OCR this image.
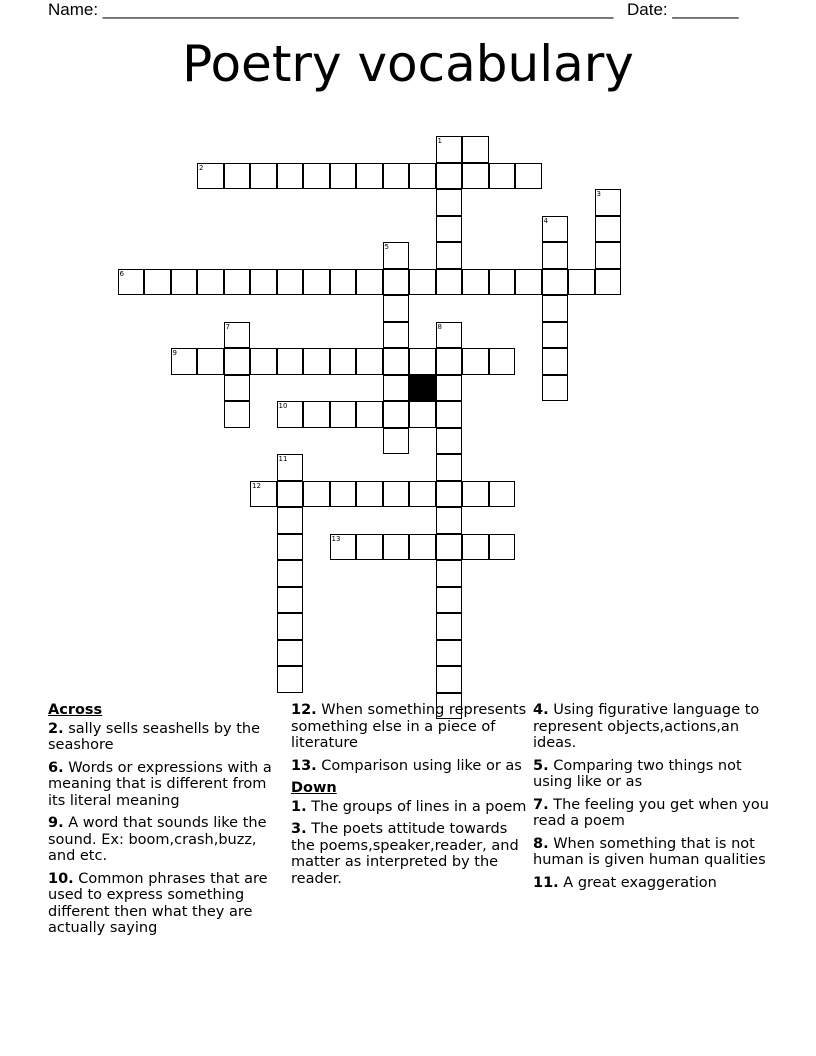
Name: ______________________________________________________ Date: _______
Poetry vocabulary
1
2
3
4
5
6
7	8
9
10
11
12
13
Across
2. sally sells seashells by the seashore
6. Words or expressions with a meaning that is different from its literal meaning
9. A word that sounds like the sound. Ex: boom,crash,buzz, and etc.
10. Common phrases that are used to express something different then what they are actually saying
12. When something represents something else in a piece of literature
13. Comparison using like or as
Down
1. The groups of lines in a poem
3. The poets attitude towards the poems,speaker,reader, and matter as interpreted by the reader.
4. Using figurative language to represent objects,actions,an ideas.
5. Comparing two things not using like or as
7. The feeling you get when you read a poem
8. When something that is not human is given human qualities
11. A great exaggeration
